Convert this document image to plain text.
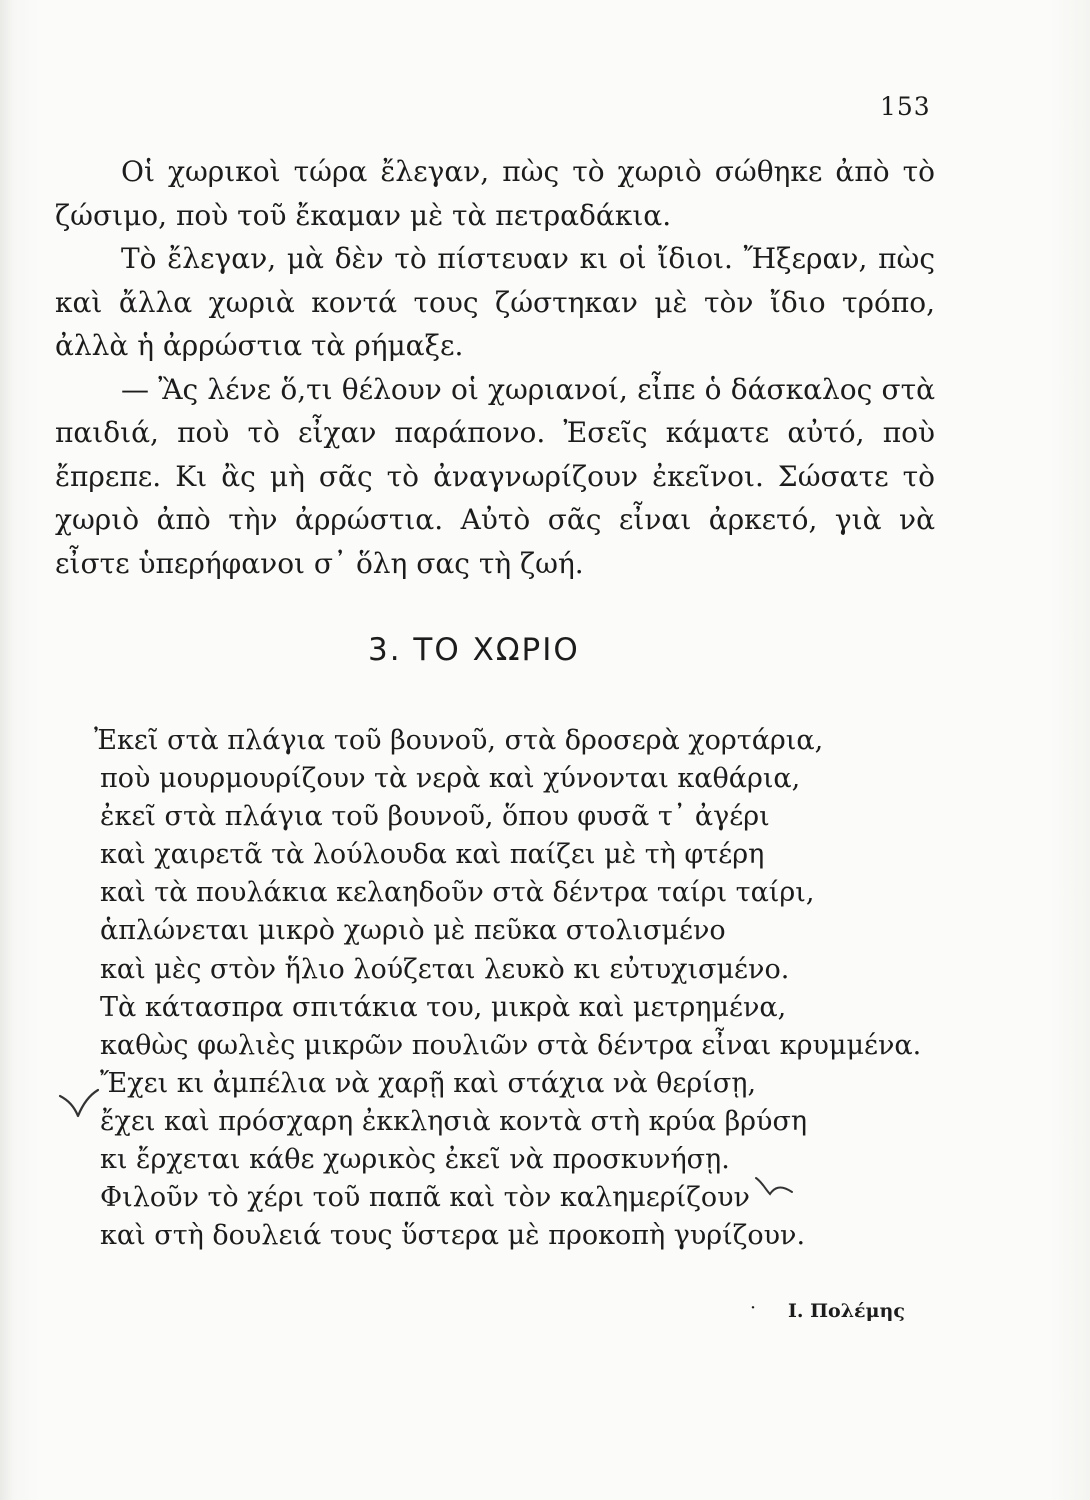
153

Οἱ χωρικοὶ τώρα ἔλεγαν, πὼς τὸ χωριὸ σώθηκε ἀπὸ τὸ ζώσιμο, ποὺ τοῦ ἔκαμαν μὲ τὰ πετραδάκια.

Τὸ ἔλεγαν, μὰ δὲν τὸ πίστευαν κι οἱ ἴδιοι. Ἤξεραν, πὼς καὶ ἄλλα χωριὰ κοντά τους ζώστηκαν μὲ τὸν ἴδιο τρόπο, ἀλλὰ ἡ ἀρρώστια τὰ ρήμαξε.

— Ἂς λένε ὅ,τι θέλουν οἱ χωριανοί, εἶπε ὁ δάσκαλος στὰ παιδιά, ποὺ τὸ εἶχαν παράπονο. Ἐσεῖς κάματε αὐτό, ποὺ ἔπρεπε. Κι ἂς μὴ σᾶς τὸ ἀναγνωρίζουν ἐκεῖνοι. Σώσατε τὸ χωριὸ ἀπὸ τὴν ἀρρώστια. Αὐτὸ σᾶς εἶναι ἀρκετό, γιὰ νὰ εἶστε ὑπερήφανοι σ᾿ ὅλη σας τὴ ζωή.

3. ΤΟ ΧΩΡΙΟ
Ἐκεῖ στὰ πλάγια τοῦ βουνοῦ, στὰ δροσερὰ χορτάρια,
ποὺ μουρμουρίζουν τὰ νερὰ καὶ χύνονται καθάρια,
ἐκεῖ στὰ πλάγια τοῦ βουνοῦ, ὅπου φυσᾶ τ᾿ ἀγέρι
καὶ χαιρετᾶ τὰ λούλουδα καὶ παίζει μὲ τὴ φτέρη
καὶ τὰ πουλάκια κελαηδοῦν στὰ δέντρα ταίρι ταίρι,
ἁπλώνεται μικρὸ χωριὸ μὲ πεῦκα στολισμένο
καὶ μὲς στὸν ἥλιο λούζεται λευκὸ κι εὐτυχισμένο.
Τὰ κάτασπρα σπιτάκια του, μικρὰ καὶ μετρημένα,
καθὼς φωλιὲς μικρῶν πουλιῶν στὰ δέντρα εἶναι κρυμμένα.
Ἔχει κι ἀμπέλια νὰ χαρῇ καὶ στάχια νὰ θερίσῃ,
ἔχει καὶ πρόσχαρη ἐκκλησιὰ κοντὰ στὴ κρύα βρύση
κι ἔρχεται κάθε χωρικὸς ἐκεῖ νὰ προσκυνήσῃ.
Φιλοῦν τὸ χέρι τοῦ παπᾶ καὶ τὸν καλημερίζουν
καὶ στὴ δουλειά τους ὕστερα μὲ προκοπὴ γυρίζουν.
· Ι. Πολέμης
